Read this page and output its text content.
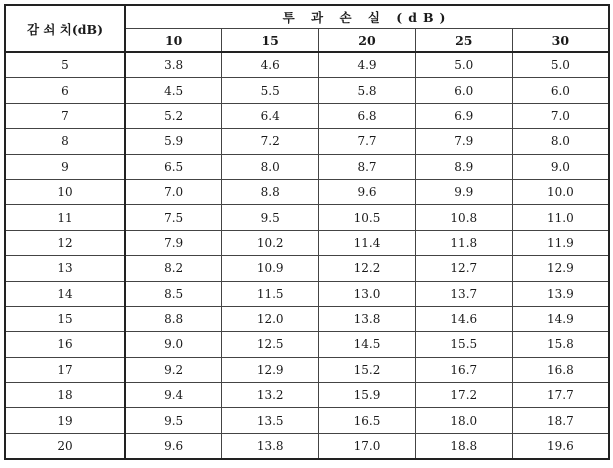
감 쇠 치(dB)	투 과 손 실 (dB)				
	10	15	20	25	30
5	3.8	4.6	4.9	5.0	5.0
6	4.5	5.5	5.8	6.0	6.0
7	5.2	6.4	6.8	6.9	7.0
8	5.9	7.2	7.7	7.9	8.0
9	6.5	8.0	8.7	8.9	9.0
10	7.0	8.8	9.6	9.9	10.0
11	7.5	9.5	10.5	10.8	11.0
12	7.9	10.2	11.4	11.8	11.9
13	8.2	10.9	12.2	12.7	12.9
14	8.5	11.5	13.0	13.7	13.9
15	8.8	12.0	13.8	14.6	14.9
16	9.0	12.5	14.5	15.5	15.8
17	9.2	12.9	15.2	16.7	16.8
18	9.4	13.2	15.9	17.2	17.7
19	9.5	13.5	16.5	18.0	18.7
20	9.6	13.8	17.0	18.8	19.6
